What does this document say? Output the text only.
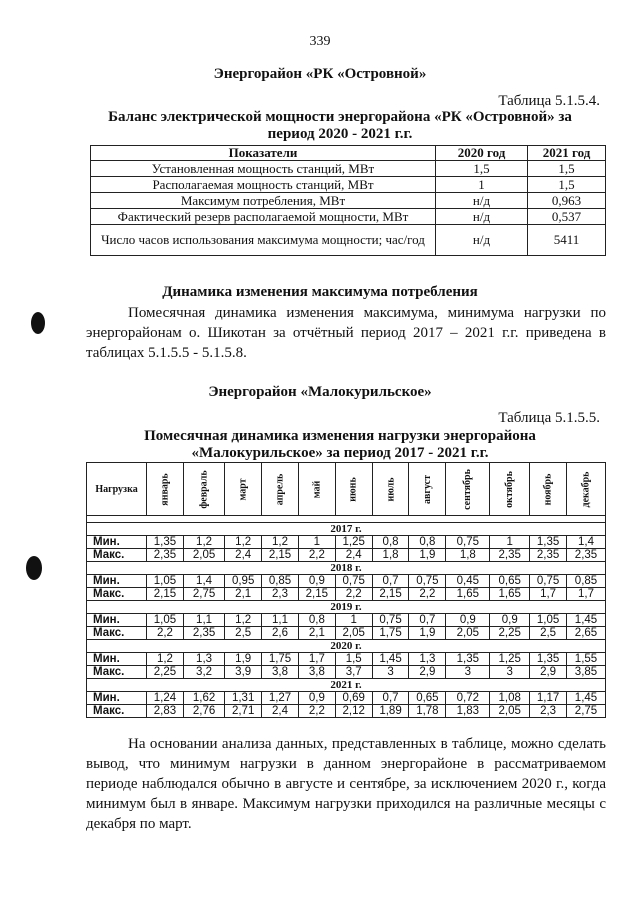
339
Энергорайон «РК «Островной»
Таблица 5.1.5.4.
Баланс электрической мощности энергорайона «РК «Островной» за период 2020 - 2021 г.г.
Показатели	2020 год	2021 год
Установленная мощность станций, МВт	1,5	1,5
Располагаемая мощность станций, МВт	1	1,5
Максимум потребления, МВт	н/д	0,963
Фактический резерв располагаемой мощности, МВт	н/д	0,537
Число часов использования максимума мощности; час/год	н/д	5411
Динамика изменения максимума потребления
Помесячная динамика изменения максимума, минимума нагрузки по энергорайонам о. Шикотан за отчётный период 2017 – 2021 г.г. приведена в таблицах 5.1.5.5 - 5.1.5.8.
Энергорайон «Малокурильское»
Таблица 5.1.5.5.
Помесячная динамика изменения нагрузки энергорайона «Малокурильское» за период 2017 - 2021 г.г.
Нагрузка	январь	февраль	март	апрель	май	июнь	июль	август	сентябрь	октябрь	ноябрь	декабрь

2017 г.												
Мин.	1,35	1,2	1,2	1,2	1	1,25	0,8	0,8	0,75	1	1,35	1,4
Макс.	2,35	2,05	2,4	2,15	2,2	2,4	1,8	1,9	1,8	2,35	2,35	2,35
2018 г.												
Мин.	1,05	1,4	0,95	0,85	0,9	0,75	0,7	0,75	0,45	0,65	0,75	0,85
Макс.	2,15	2,75	2,1	2,3	2,15	2,2	2,15	2,2	1,65	1,65	1,7	1,7
2019 г.												
Мин.	1,05	1,1	1,2	1,1	0,8	1	0,75	0,7	0,9	0,9	1,05	1,45
Макс.	2,2	2,35	2,5	2,6	2,1	2,05	1,75	1,9	2,05	2,25	2,5	2,65
2020 г.												
Мин.	1,2	1,3	1,9	1,75	1,7	1,5	1,45	1,3	1,35	1,25	1,35	1,55
Макс.	2,25	3,2	3,9	3,8	3,8	3,7	3	2,9	3	3	2,9	3,85
2021 г.												
Мин.	1,24	1,62	1,31	1,27	0,9	0,69	0,7	0,65	0,72	1,08	1,17	1,45
Макс.	2,83	2,76	2,71	2,4	2,2	2,12	1,89	1,78	1,83	2,05	2,3	2,75
На основании анализа данных, представленных в таблице, можно сделать вывод, что минимум нагрузки в данном энергорайоне в рассматриваемом периоде наблюдался обычно в августе и сентябре, за исключением 2020 г., когда минимум был в январе. Максимум нагрузки приходился на различные месяцы с декабря по март.
